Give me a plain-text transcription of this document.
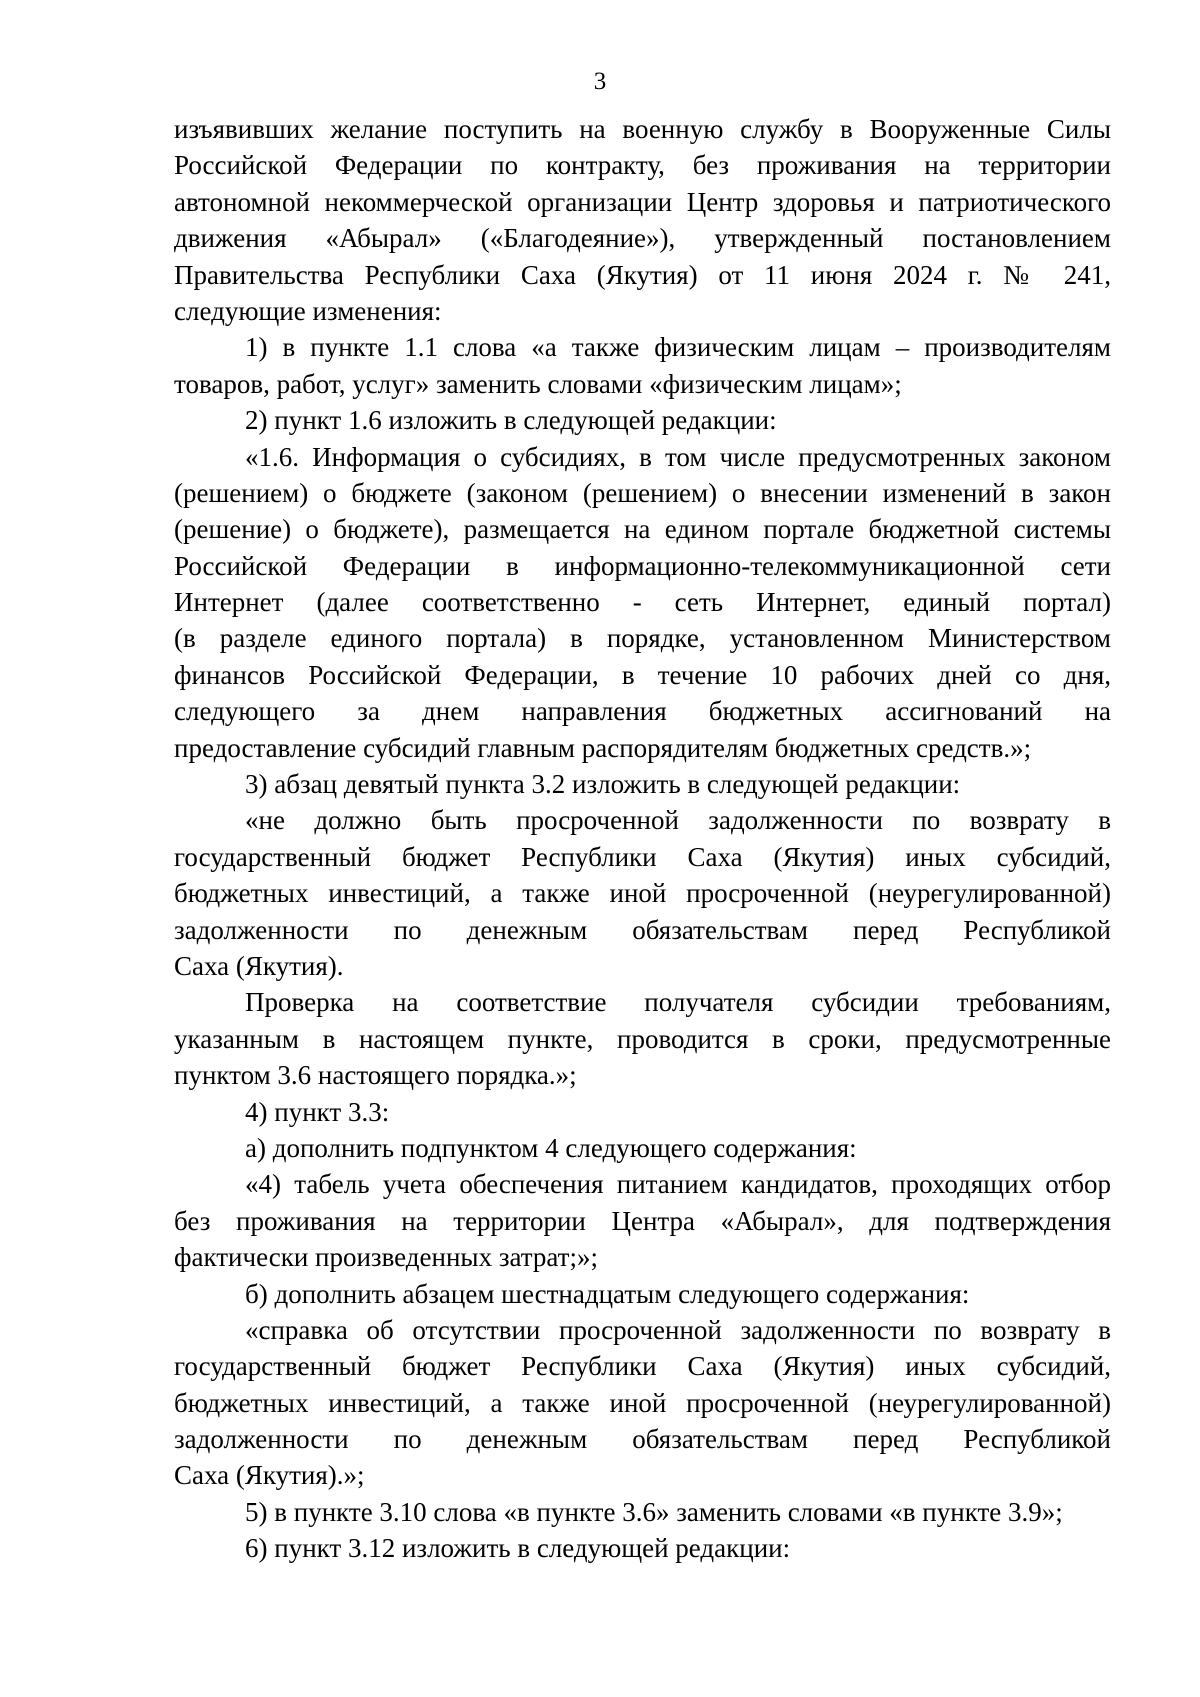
3
изъявивших желание поступить на военную службу в Вооруженные Силы
Российской Федерации по контракту, без проживания на территории
автономной некоммерческой организации Центр здоровья и патриотического
движения «Абырал» («Благодеяние»), утвержденный постановлением
Правительства Республики Саха (Якутия) от 11 июня 2024 г. № 241,
следующие изменения:
1) в пункте 1.1 слова «а также физическим лицам – производителям
товаров, работ, услуг» заменить словами «физическим лицам»;
2) пункт 1.6 изложить в следующей редакции:
«1.6. Информация о субсидиях, в том числе предусмотренных законом
(решением) о бюджете (законом (решением) о внесении изменений в закон
(решение) о бюджете), размещается на едином портале бюджетной системы
Российской Федерации в информационно-телекоммуникационной сети
Интернет (далее соответственно - сеть Интернет, единый портал)
(в разделе единого портала) в порядке, установленном Министерством
финансов Российской Федерации, в течение 10 рабочих дней со дня,
следующего за днем направления бюджетных ассигнований на
предоставление субсидий главным распорядителям бюджетных средств.»;
3) абзац девятый пункта 3.2 изложить в следующей редакции:
«не должно быть просроченной задолженности по возврату в
государственный бюджет Республики Саха (Якутия) иных субсидий,
бюджетных инвестиций, а также иной просроченной (неурегулированной)
задолженности по денежным обязательствам перед Республикой
Саха (Якутия).
Проверка на соответствие получателя субсидии требованиям,
указанным в настоящем пункте, проводится в сроки, предусмотренные
пунктом 3.6 настоящего порядка.»;
4) пункт 3.3:
а) дополнить подпунктом 4 следующего содержания:
«4) табель учета обеспечения питанием кандидатов, проходящих отбор
без проживания на территории Центра «Абырал», для подтверждения
фактически произведенных затрат;»;
б) дополнить абзацем шестнадцатым следующего содержания:
«справка об отсутствии просроченной задолженности по возврату в
государственный бюджет Республики Саха (Якутия) иных субсидий,
бюджетных инвестиций, а также иной просроченной (неурегулированной)
задолженности по денежным обязательствам перед Республикой
Саха (Якутия).»;
5) в пункте 3.10 слова «в пункте 3.6» заменить словами «в пункте 3.9»;
6) пункт 3.12 изложить в следующей редакции:
